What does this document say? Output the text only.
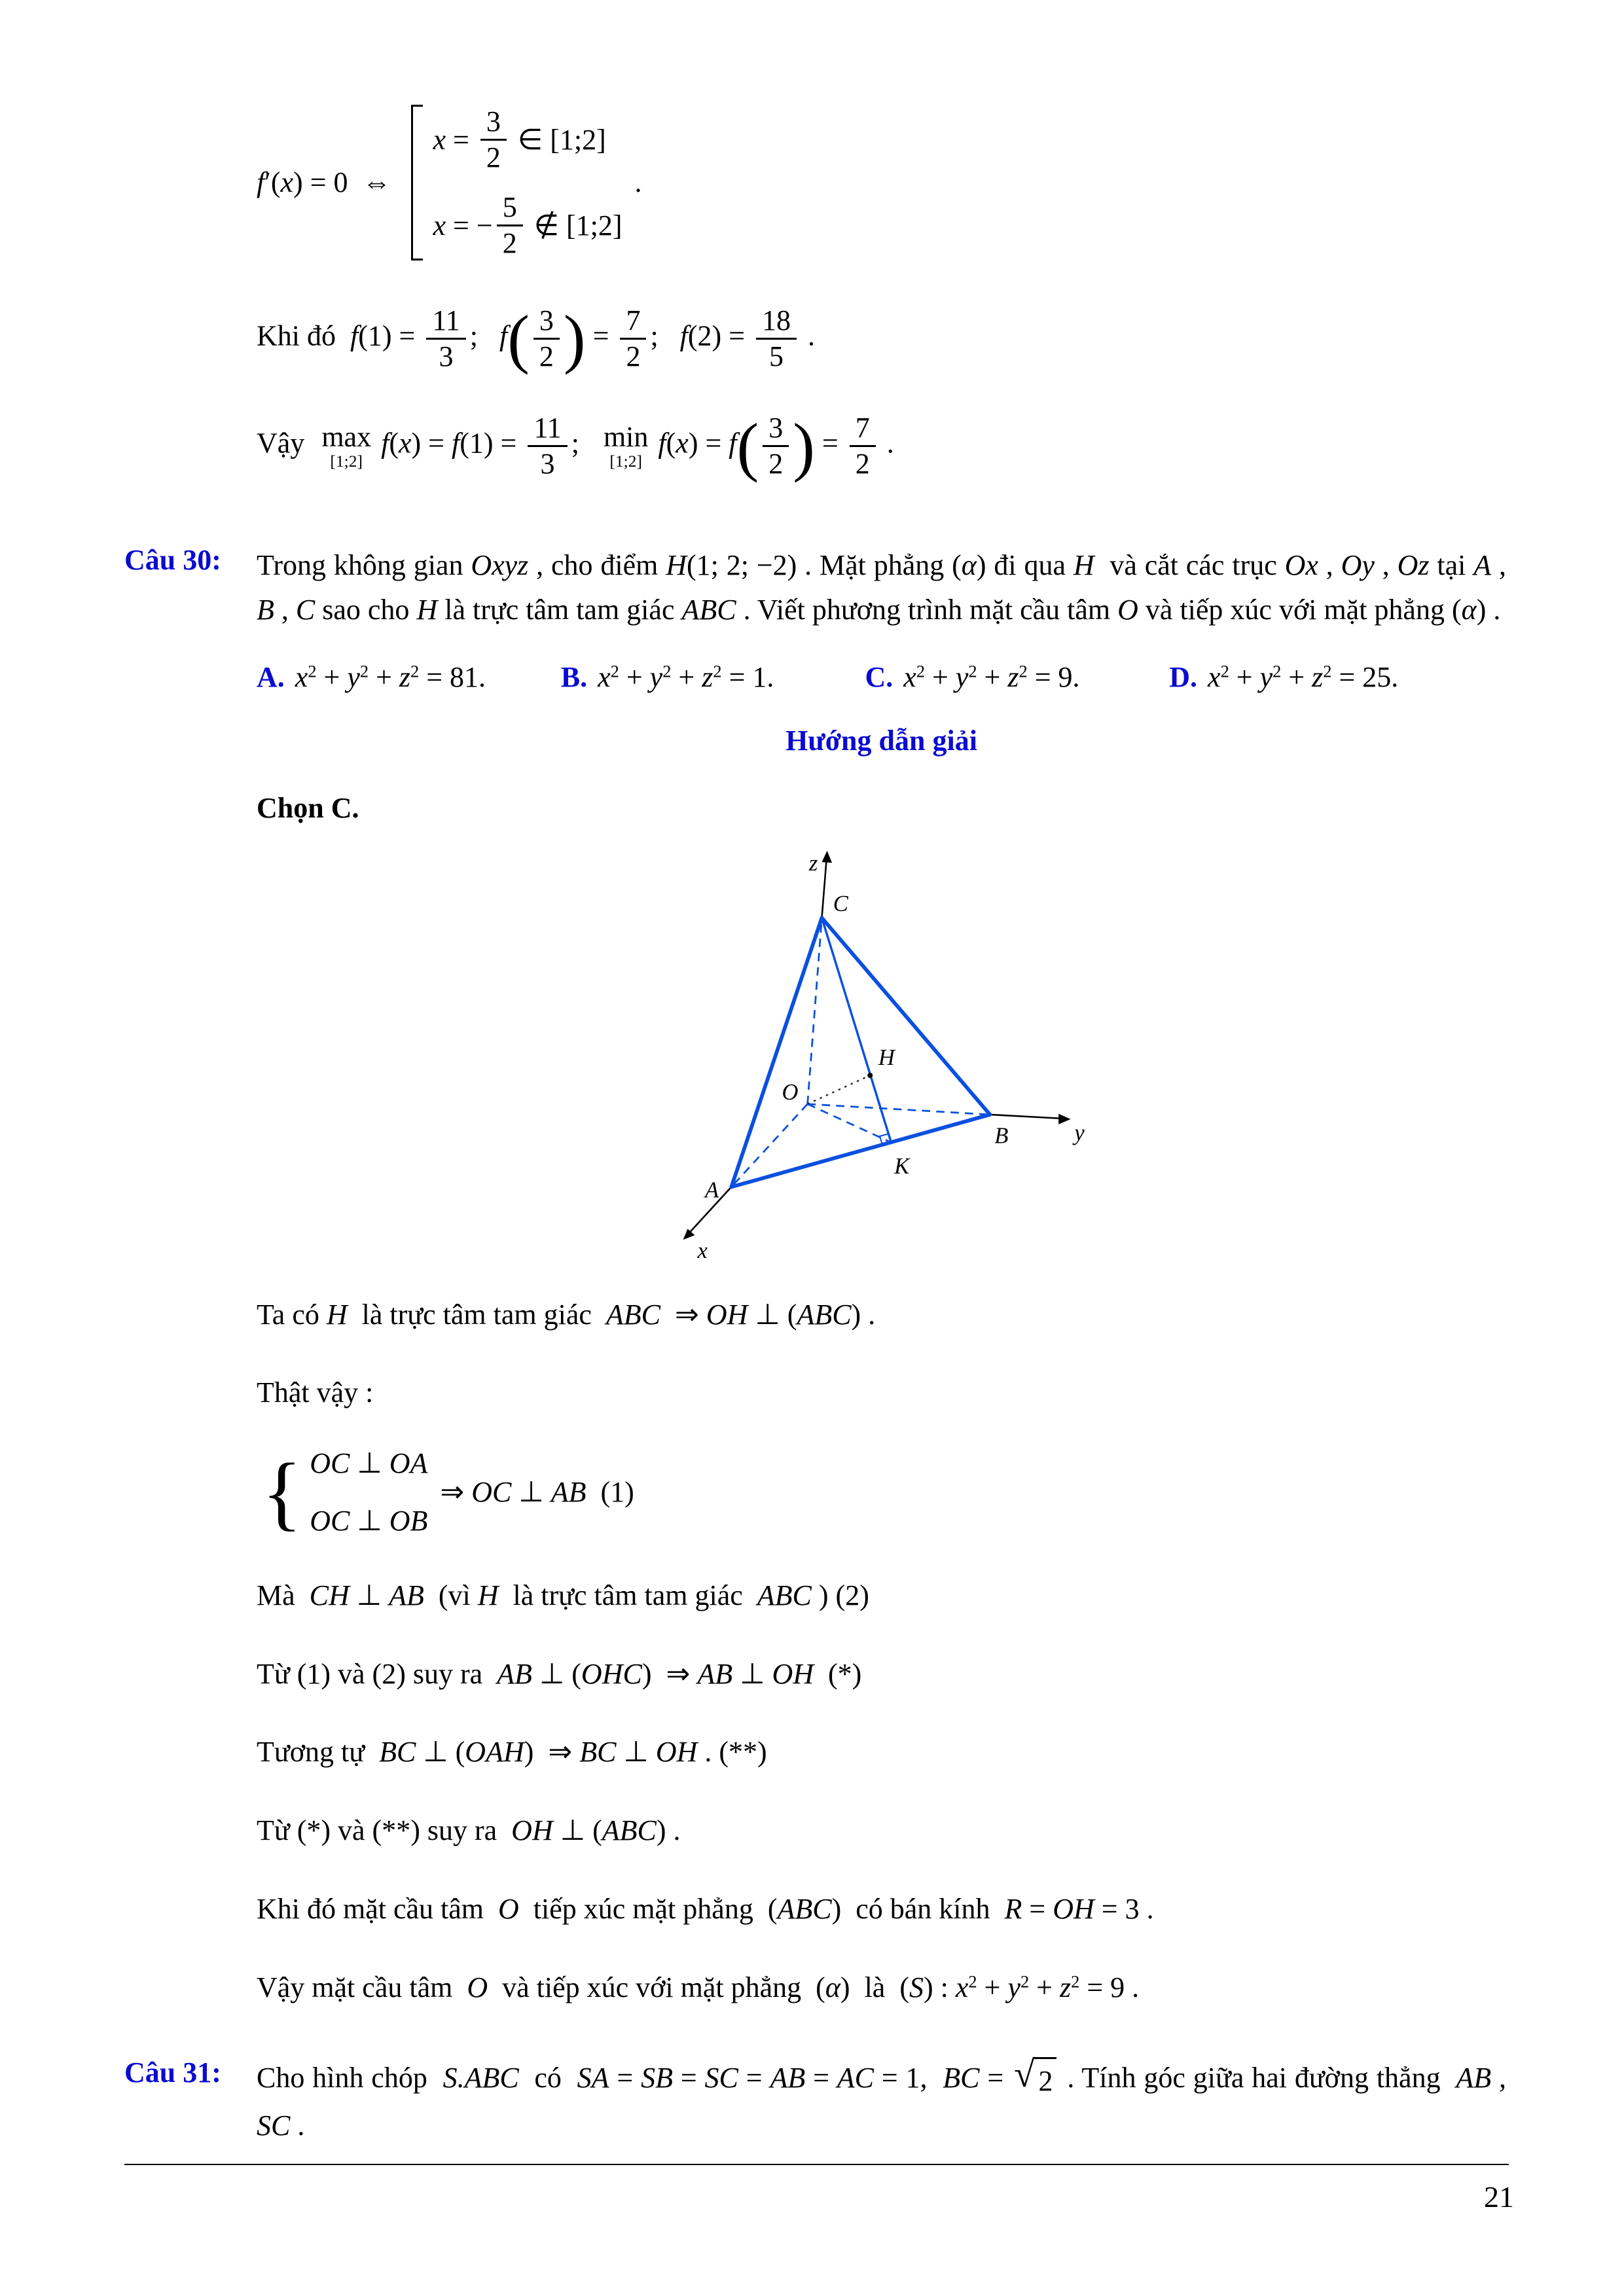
f ′( x ) = 0  ⇔
$x = \frac{3}{2}$ ∈ [1;2]
x = − $\frac{5}{2}$ ∉ [1;2]
.
Khi đó  $f(1) = \frac{11}{3}$ ;   f ( $\frac{3}{2}$ ) = $\frac{7}{2}$ ;   $f(2) = \frac{18}{5}$ .
Vậy max
[1;2]
$f(x) = f(1) = \frac{11}{3}$ ; min
[1;2]
f(x) = f ( $\frac{3}{2}$ ) = $\frac{7}{2}$ .
Câu 30: Trong không gian Oxyz , cho điểm H(1; 2; −2) . Mặt phẳng (α) đi qua H  và cắt các trục Ox , Oy , Oz tại A , B , C sao cho H là trực tâm tam giác ABC . Viết phương trình mặt cầu tâm O và tiếp xúc với mặt phẳng (α) .
A. $x^2 + y^2 + z^2 = 81$.	B. $x^2 + y^2 + z^2 = 1$.	C. $x^2 + y^2 + z^2 = 9$.	D. $x^2 + y^2 + z^2 = 25$.
Hướng dẫn giải
Chọn C.
z
C
H
O
B	y
K
A
x
Ta có H  là trực tâm tam giác  ABC  ⇒ OH ⊥ (ABC) .
Thật vậy :
{ OC ⊥ OA
OC ⊥ OB
⇒ OC ⊥ AB (1)
Mà  CH ⊥ AB  (vì H  là trực tâm tam giác  ABC ) (2)
Từ (1) và (2) suy ra  AB ⊥ (OHC)  ⇒ AB ⊥ OH  (*)
Tương tự  BC ⊥ (OAH)  ⇒ BC ⊥ OH . (**)
Từ (*) và (**) suy ra  OH ⊥ (ABC) .
Khi đó mặt cầu tâm  O  tiếp xúc mặt phẳng  (ABC)  có bán kính  R = OH = 3 .
Vậy mặt cầu tâm  O  và tiếp xúc với mặt phẳng  (α)  là  (S) : $x^2 + y^2 + z^2 = 9$ .
Câu 31: Cho hình chóp  S.ABC  có  SA = SB = SC = AB = AC = 1,  BC = √ 2 . Tính góc giữa hai đường thẳng  AB ,  SC .
21
